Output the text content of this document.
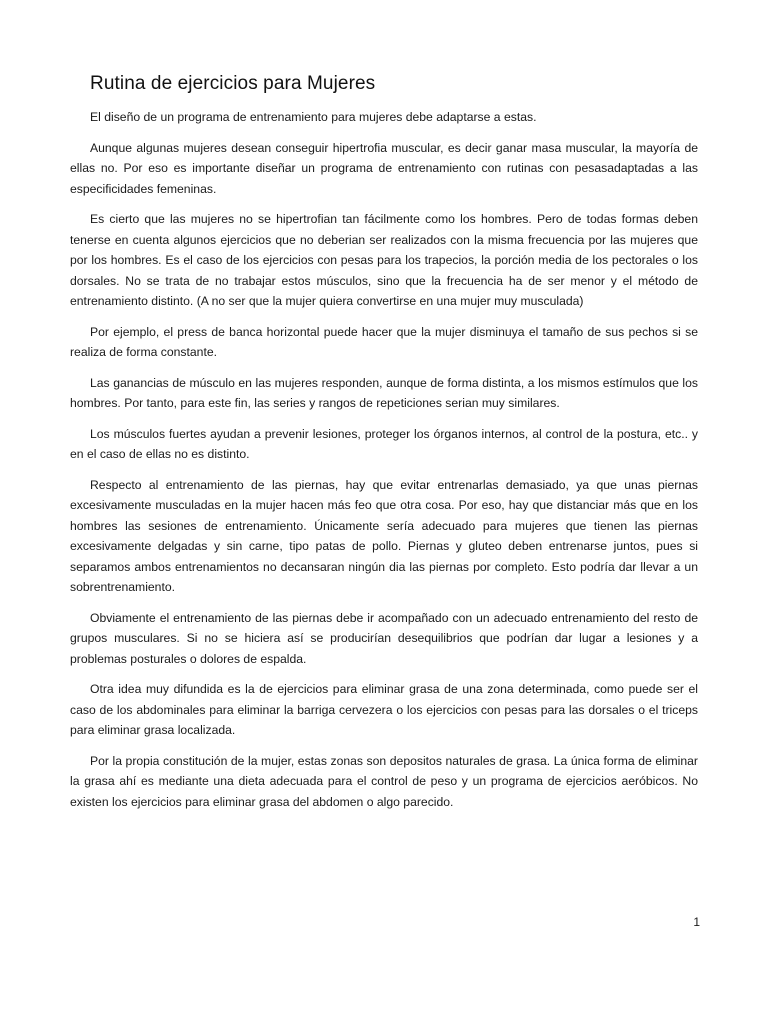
Rutina de ejercicios para Mujeres

El diseño de un programa de entrenamiento para mujeres debe adaptarse a estas.

Aunque algunas mujeres desean conseguir hipertrofia muscular, es decir ganar masa muscular, la mayoría de ellas no. Por eso es importante diseñar un programa de entrenamiento con rutinas con pesasadaptadas a las especificidades femeninas.

Es cierto que las mujeres no se hipertrofian tan fácilmente como los hombres. Pero de todas formas deben tenerse en cuenta algunos ejercicios que no deberian ser realizados con la misma frecuencia por las mujeres que por los hombres. Es el caso de los ejercicios con pesas para los trapecios, la porción media de los pectorales o los dorsales. No se trata de no trabajar estos músculos, sino que la frecuencia ha de ser menor y el método de entrenamiento distinto. (A no ser que la mujer quiera convertirse en una mujer muy musculada)

Por ejemplo, el press de banca horizontal puede hacer que la mujer disminuya el tamaño de sus pechos si se realiza de forma constante.

Las ganancias de músculo en las mujeres responden, aunque de forma distinta, a los mismos estímulos que los hombres. Por tanto, para este fin, las series y rangos de repeticiones serian muy similares.

Los músculos fuertes ayudan a prevenir lesiones, proteger los órganos internos, al control de la postura, etc.. y en el caso de ellas no es distinto.

Respecto al entrenamiento de las piernas, hay que evitar entrenarlas demasiado, ya que unas piernas excesivamente musculadas en la mujer hacen más feo que otra cosa. Por eso, hay que distanciar más que en los hombres las sesiones de entrenamiento. Únicamente sería adecuado para mujeres que tienen las piernas excesivamente delgadas y sin carne, tipo patas de pollo. Piernas y gluteo deben entrenarse juntos, pues si separamos ambos entrenamientos no decansaran ningún dia las piernas por completo. Esto podría dar llevar a un sobrentrenamiento.

Obviamente el entrenamiento de las piernas debe ir acompañado con un adecuado entrenamiento del resto de grupos musculares. Si no se hiciera así se producirían desequilibrios que podrían dar lugar a lesiones y a problemas posturales o dolores de espalda.

Otra idea muy difundida es la de ejercicios para eliminar grasa de una zona determinada, como puede ser el caso de los abdominales para eliminar la barriga cervezera o los ejercicios con pesas para las dorsales o el triceps para eliminar grasa localizada.

Por la propia constitución de la mujer, estas zonas son depositos naturales de grasa. La única forma de eliminar la grasa ahí es mediante una dieta adecuada para el control de peso y un programa de ejercicios aeróbicos. No existen los ejercicios para eliminar grasa del abdomen o algo parecido.

1
